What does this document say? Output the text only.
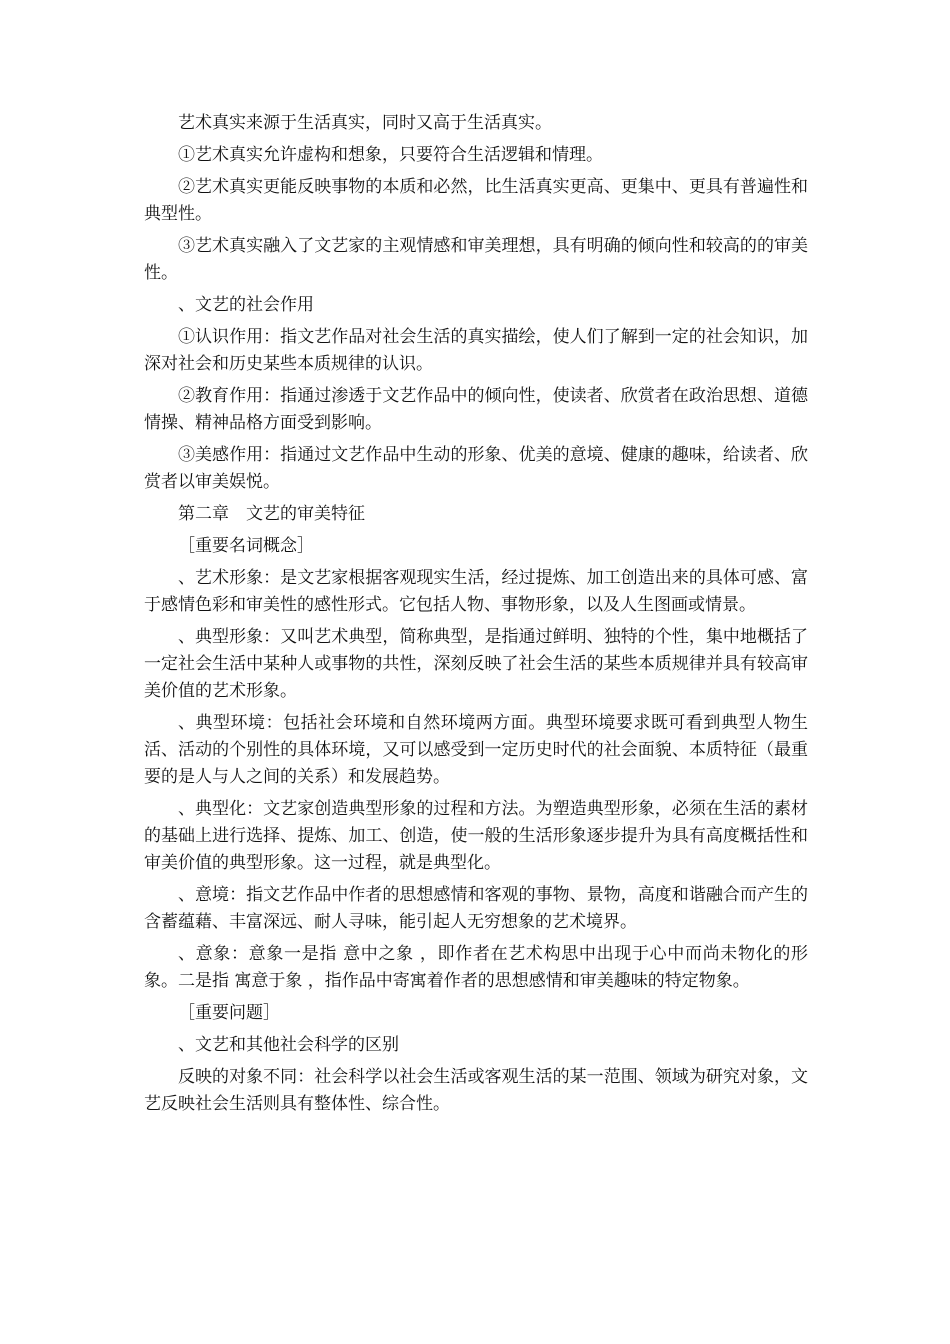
艺术真实来源于生活真实，同时又高于生活真实。

①艺术真实允许虚构和想象，只要符合生活逻辑和情理。

②艺术真实更能反映事物的本质和必然，比生活真实更高、更集中、更具有普遍性和典型性。

③艺术真实融入了文艺家的主观情感和审美理想，具有明确的倾向性和较高的的审美性。

、文艺的社会作用

①认识作用：指文艺作品对社会生活的真实描绘，使人们了解到一定的社会知识，加深对社会和历史某些本质规律的认识。

②教育作用：指通过渗透于文艺作品中的倾向性，使读者、欣赏者在政治思想、道德情操、精神品格方面受到影响。

③美感作用：指通过文艺作品中生动的形象、优美的意境、健康的趣味，给读者、欣赏者以审美娱悦。

第二章　文艺的审美特征

［重要名词概念］

、艺术形象：是文艺家根据客观现实生活，经过提炼、加工创造出来的具体可感、富于感情色彩和审美性的感性形式。它包括人物、事物形象，以及人生图画或情景。

、典型形象：又叫艺术典型，简称典型，是指通过鲜明、独特的个性，集中地概括了一定社会生活中某种人或事物的共性，深刻反映了社会生活的某些本质规律并具有较高审美价值的艺术形象。

、典型环境：包括社会环境和自然环境两方面。典型环境要求既可看到典型人物生活、活动的个别性的具体环境，又可以感受到一定历史时代的社会面貌、本质特征（最重要的是人与人之间的关系）和发展趋势。

、典型化：文艺家创造典型形象的过程和方法。为塑造典型形象，必须在生活的素材的基础上进行选择、提炼、加工、创造，使一般的生活形象逐步提升为具有高度概括性和审美价值的典型形象。这一过程，就是典型化。

、意境：指文艺作品中作者的思想感情和客观的事物、景物，高度和谐融合而产生的含蓄蕴藉、丰富深远、耐人寻味，能引起人无穷想象的艺术境界。

、意象：意象一是指 意中之象 ，即作者在艺术构思中出现于心中而尚未物化的形象。二是指 寓意于象 ，指作品中寄寓着作者的思想感情和审美趣味的特定物象。

［重要问题］

、文艺和其他社会科学的区别

反映的对象不同：社会科学以社会生活或客观生活的某一范围、领域为研究对象，文艺反映社会生活则具有整体性、综合性。
